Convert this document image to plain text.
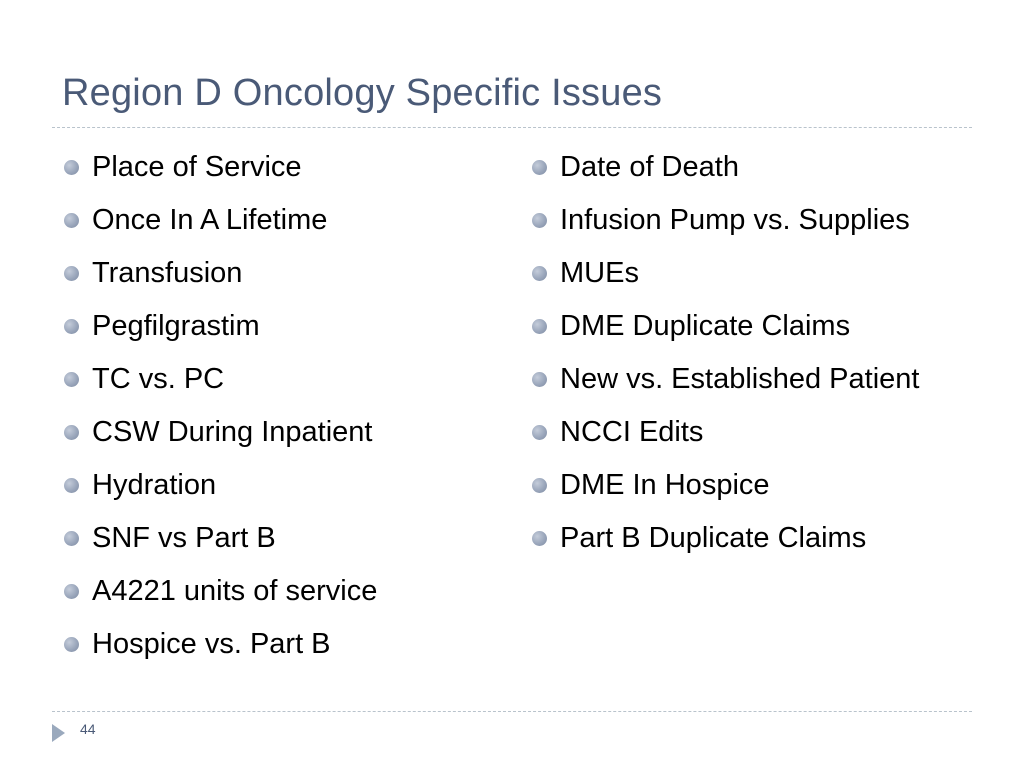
Region D Oncology Specific Issues
Place of Service
Once In A Lifetime
Transfusion
Pegfilgrastim
TC vs. PC
CSW During Inpatient
Hydration
SNF vs Part B
A4221 units of service
Hospice vs. Part B
Date of Death
Infusion Pump vs. Supplies
MUEs
DME Duplicate Claims
New vs. Established Patient
NCCI Edits
DME In Hospice
Part B Duplicate Claims
44
